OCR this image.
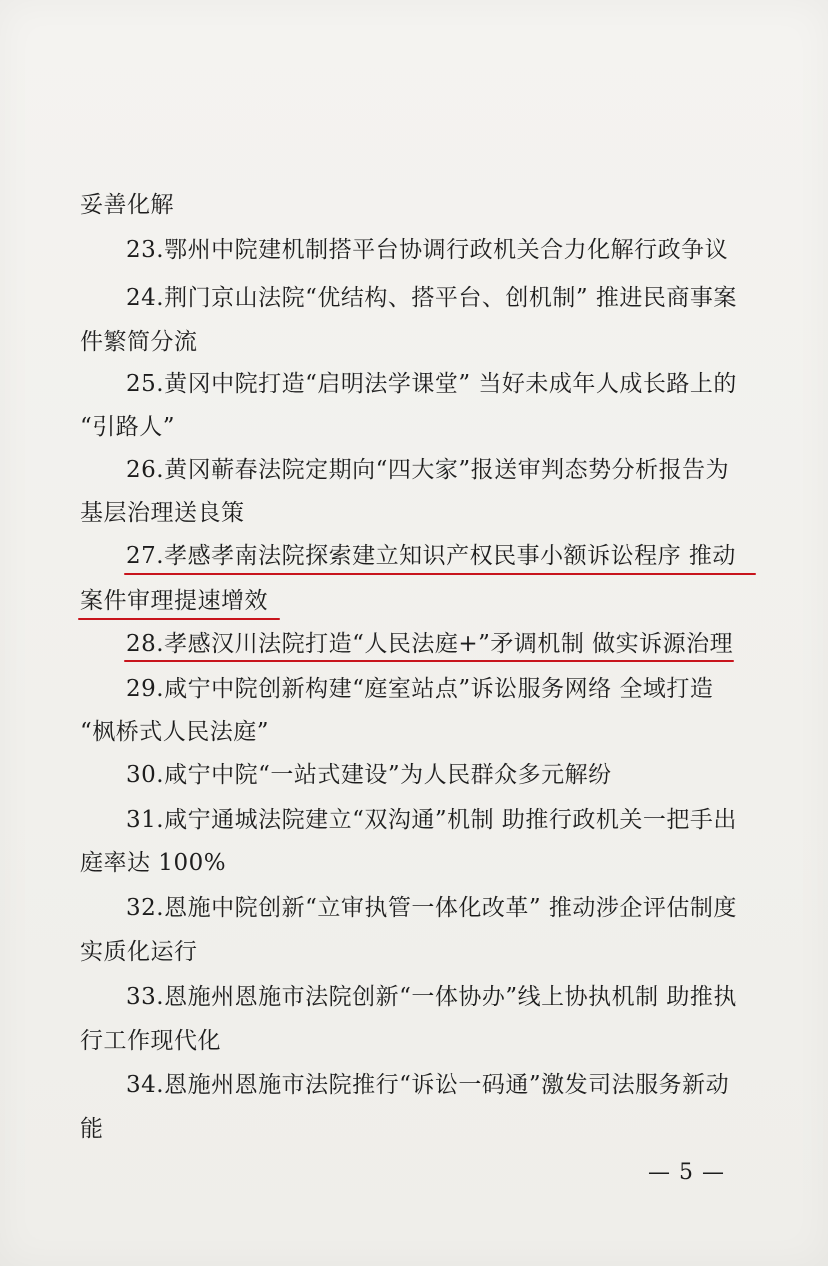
妥善化解
23.鄂州中院建机制搭平台协调行政机关合力化解行政争议
24.荆门京山法院“优结构、搭平台、创机制” 推进民商事案
件繁简分流
25.黄冈中院打造“启明法学课堂” 当好未成年人成长路上的
“引路人”
26.黄冈蕲春法院定期向“四大家”报送审判态势分析报告为
基层治理送良策
27.孝感孝南法院探索建立知识产权民事小额诉讼程序 推动
案件审理提速增效
28.孝感汉川法院打造“人民法庭+”矛调机制 做实诉源治理
29.咸宁中院创新构建“庭室站点”诉讼服务网络 全域打造
“枫桥式人民法庭”
30.咸宁中院“一站式建设”为人民群众多元解纷
31.咸宁通城法院建立“双沟通”机制 助推行政机关一把手出
庭率达 100%
32.恩施中院创新“立审执管一体化改革” 推动涉企评估制度
实质化运行
33.恩施州恩施市法院创新“一体协办”线上协执机制 助推执
行工作现代化
34.恩施州恩施市法院推行“诉讼一码通”激发司法服务新动
能
— 5 —
